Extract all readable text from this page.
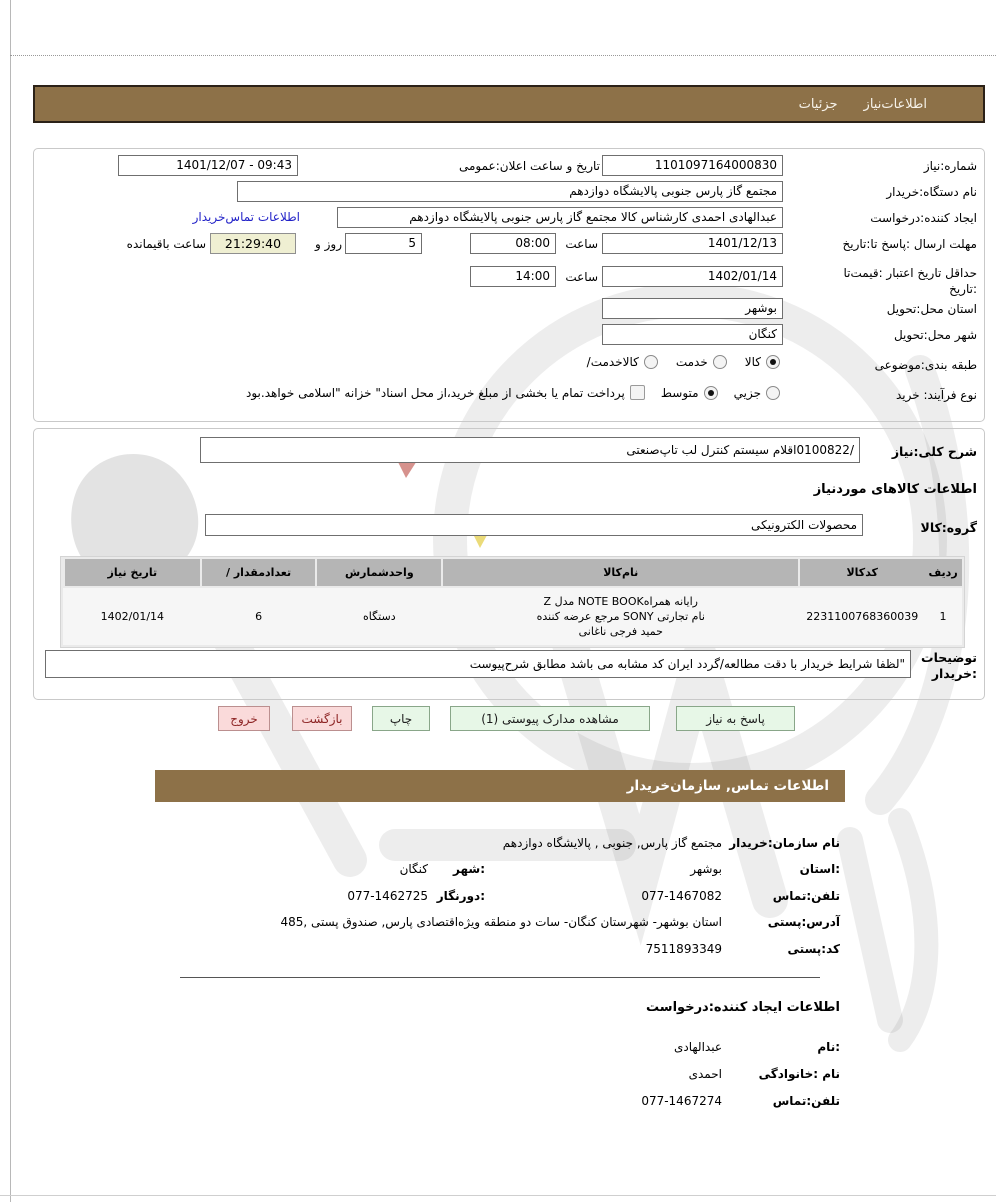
اطلاعات‌نیاز
جزئیات
شماره:نیاز
1101097164000830
تاریخ و ساعت اعلان:عمومی
09:43 - 1401/12/07
نام دستگاه:خریدار
مجتمع گاز پارس جنوبی پالایشگاه دوازدهم
ایجاد کننده:درخواست
عبدالهادی احمدی کارشناس کالا مجتمع گاز پارس جنوبی پالایشگاه دوازدهم
اطلاعات تماس‌خریدار
مهلت ارسال :پاسخ تا:تاریخ
1401/12/13
ساعت
08:00
5
روز و
21:29:40
ساعت باقیمانده
حداقل تاریخ اعتبار :قیمت‌تا
:تاریخ
1402/01/14
ساعت
14:00
استان محل:تحویل
بوشهر
شهر محل:تحویل
کنگان
طبقه بندی:موضوعی
کالا
خدمت
کالاخدمت/
نوع فرآیند: خرید
جزيي
متوسط
پرداخت تمام یا بخشی از مبلغ خرید،از محل اسناد" خزانه "اسلامی خواهد.بود
شرح کلی:نیاز
/0100822اقلام سیستم کنترل لب تاپ‌صنعتی
اطلاعات کالاهای موردنیاز
گروه:کالا
محصولات الکترونیکی
ردیف
کدکالا
نام‌کالا
واحدشمارش
تعدادمقدار /
تاریخ نیاز
1
2231100768360039
رایانه همراهNOTE BOOK مدل Z
نام تجارتی SONY مرجع عرضه کننده
حمید فرجی ناغانی
دستگاه
6
1402/01/14
توضیحات
:خریدار
"لظفا شرایط خریدار با دقت مطالعه/گردد ایران کد مشابه می باشد مطابق شرح‌پیوست
پاسخ به نیاز
مشاهده مدارک پیوستی (1)
چاپ
بازگشت
خروج
اطلاعات تماس, سازمان‌خریدار
نام سازمان:خریدار
مجتمع گاز پارس, جنوبی , پالایشگاه دوازدهم
:استان
بوشهر
:شهر
کنگان
تلفن:تماس
077-1467082
:دورنگار
077-1462725
آدرس:پستی
استان بوشهر- شهرستان کنگان- سات دو منطقه ویژه‌اقتصادی پارس, صندوق پستی ,485
کد:پستی
7511893349
اطلاعات ایجاد کننده:درخواست
:نام
عبدالهادی
نام :خانوادگی
احمدی
تلفن:تماس
077-1467274
